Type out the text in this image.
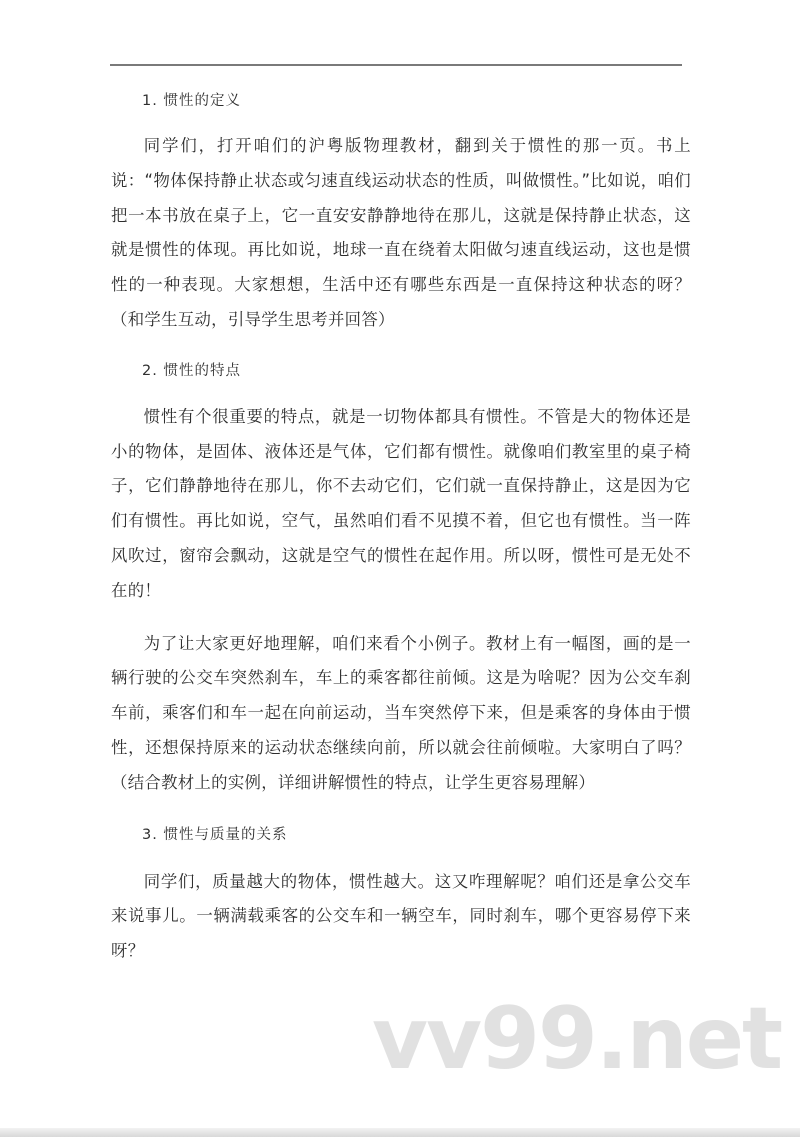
1. 惯性的定义

同学们，打开咱们的沪粤版物理教材，翻到关于惯性的那一页。书上说：“物体保持静止状态或匀速直线运动状态的性质，叫做惯性。”比如说，咱们把一本书放在桌子上，它一直安安静静地待在那儿，这就是保持静止状态，这就是惯性的体现。再比如说，地球一直在绕着太阳做匀速直线运动，这也是惯性的一种表现。大家想想，生活中还有哪些东西是一直保持这种状态的呀？（和学生互动，引导学生思考并回答）

2. 惯性的特点

惯性有个很重要的特点，就是一切物体都具有惯性。不管是大的物体还是小的物体，是固体、液体还是气体，它们都有惯性。就像咱们教室里的桌子椅子，它们静静地待在那儿，你不去动它们，它们就一直保持静止，这是因为它们有惯性。再比如说，空气，虽然咱们看不见摸不着，但它也有惯性。当一阵风吹过，窗帘会飘动，这就是空气的惯性在起作用。所以呀，惯性可是无处不在的！

为了让大家更好地理解，咱们来看个小例子。教材上有一幅图，画的是一辆行驶的公交车突然刹车，车上的乘客都往前倾。这是为啥呢？因为公交车刹车前，乘客们和车一起在向前运动，当车突然停下来，但是乘客的身体由于惯性，还想保持原来的运动状态继续向前，所以就会往前倾啦。大家明白了吗？（结合教材上的实例，详细讲解惯性的特点，让学生更容易理解）

3. 惯性与质量的关系

同学们，质量越大的物体，惯性越大。这又咋理解呢？咱们还是拿公交车来说事儿。一辆满载乘客的公交车和一辆空车，同时刹车，哪个更容易停下来呀？

vv99.net
